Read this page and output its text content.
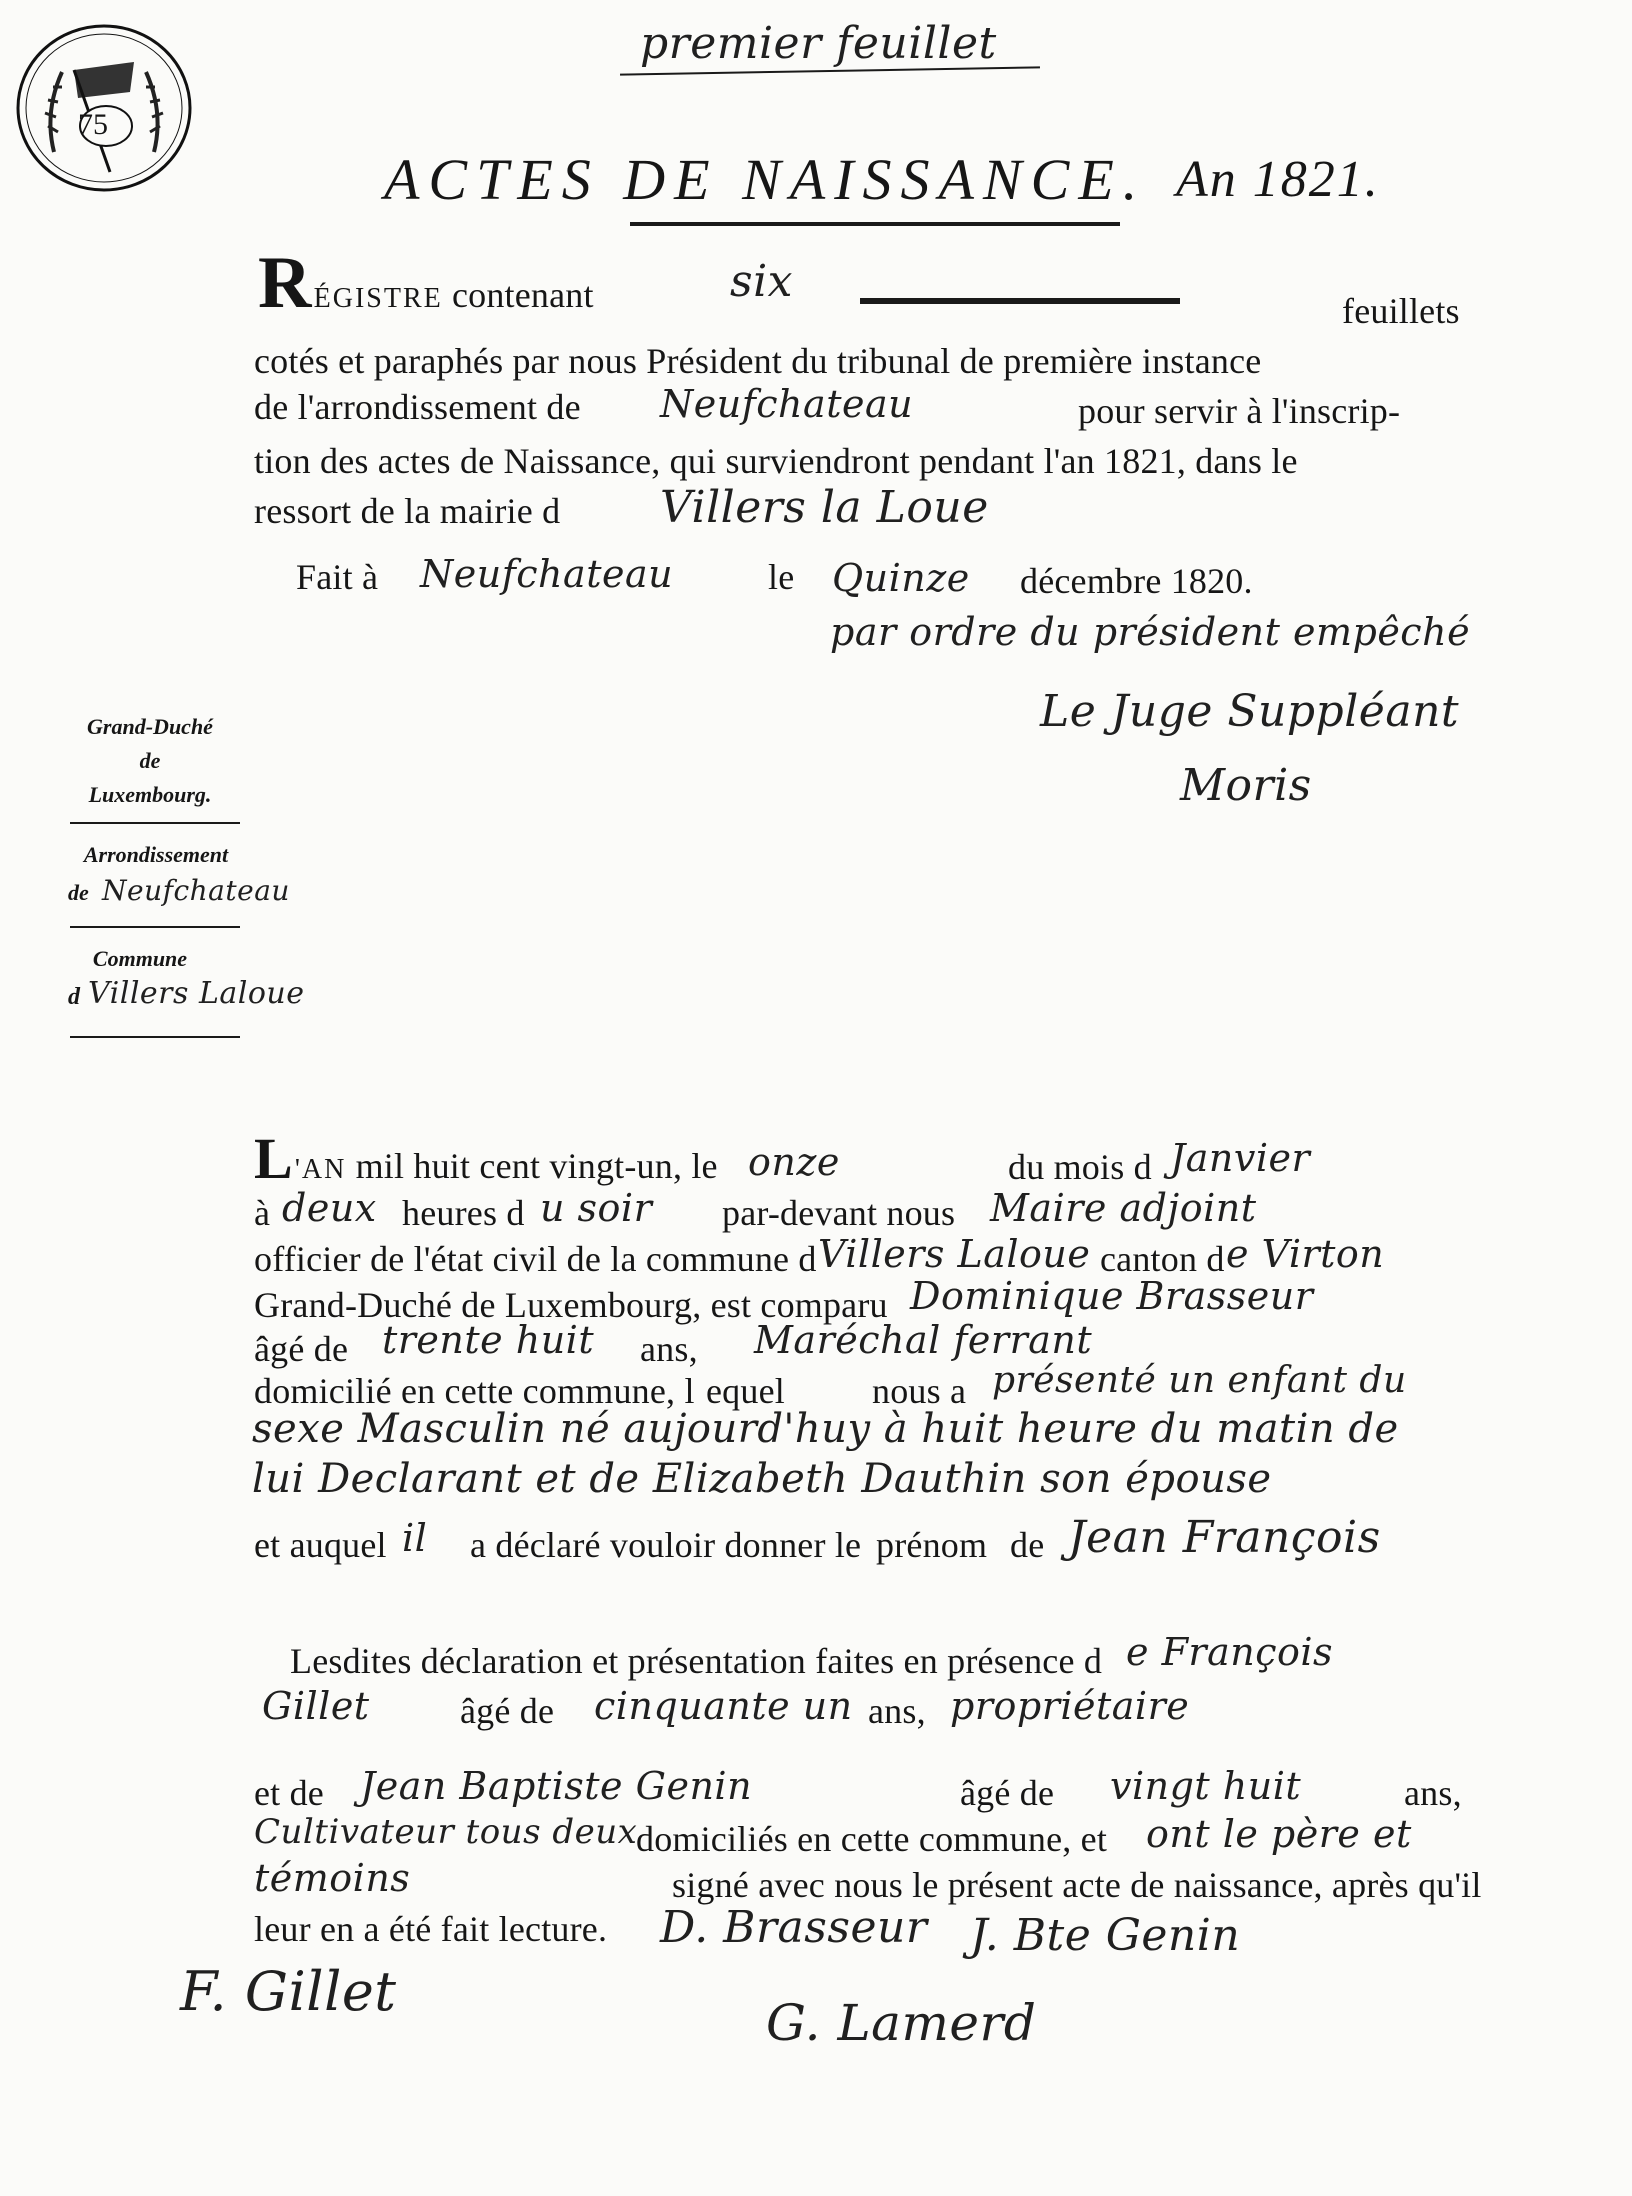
premier feuillet
75
ACTES DE NAISSANCE. An 1821.
RÉGISTRE contenant	six
feuillets
cotés et paraphés par nous Président du tribunal de première instance
de l'arrondissement de Neufchateau	pour servir à l'inscrip-
tion des actes de Naissance, qui surviendront pendant l'an 1821, dans le
ressort de la mairie d Villers la Loue
Fait à Neufchateau	le Quinze décembre 1820.
par ordre du président empêché
Le Juge Suppléant
Moris
Grand-Duché
de
Luxembourg.
Arrondissement
de Neufchateau
Commune
d Villers Laloue
L'AN mil huit cent vingt-un, le onze	du mois d Janvier
à deux heures d u soir par-devant nous Maire adjoint
officier de l'état civil de la commune d Villers Laloue canton d e Virton
Grand-Duché de Luxembourg, est comparu Dominique Brasseur
âgé de trente huit ans, Maréchal ferrant
domicilié en cette commune, l equel nous a présenté un enfant du
sexe Masculin né aujourd'huy à huit heure du matin de
lui Declarant et de Elizabeth Dauthin son épouse
et auquel il a déclaré vouloir donner le prénom de Jean François
Lesdites déclaration et présentation faites en présence d e François
Gillet	âgé de cinquante un ans, propriétaire
et de Jean Baptiste Genin	âgé de vingt huit	ans,
Cultivateur tous deux
domiciliés en cette commune, et ont le père et
témoins	signé avec nous le présent acte de naissance, après qu'il
leur en a été fait lecture. D. Brasseur J. Bte Genin
F. Gillet	G. Lamerd
